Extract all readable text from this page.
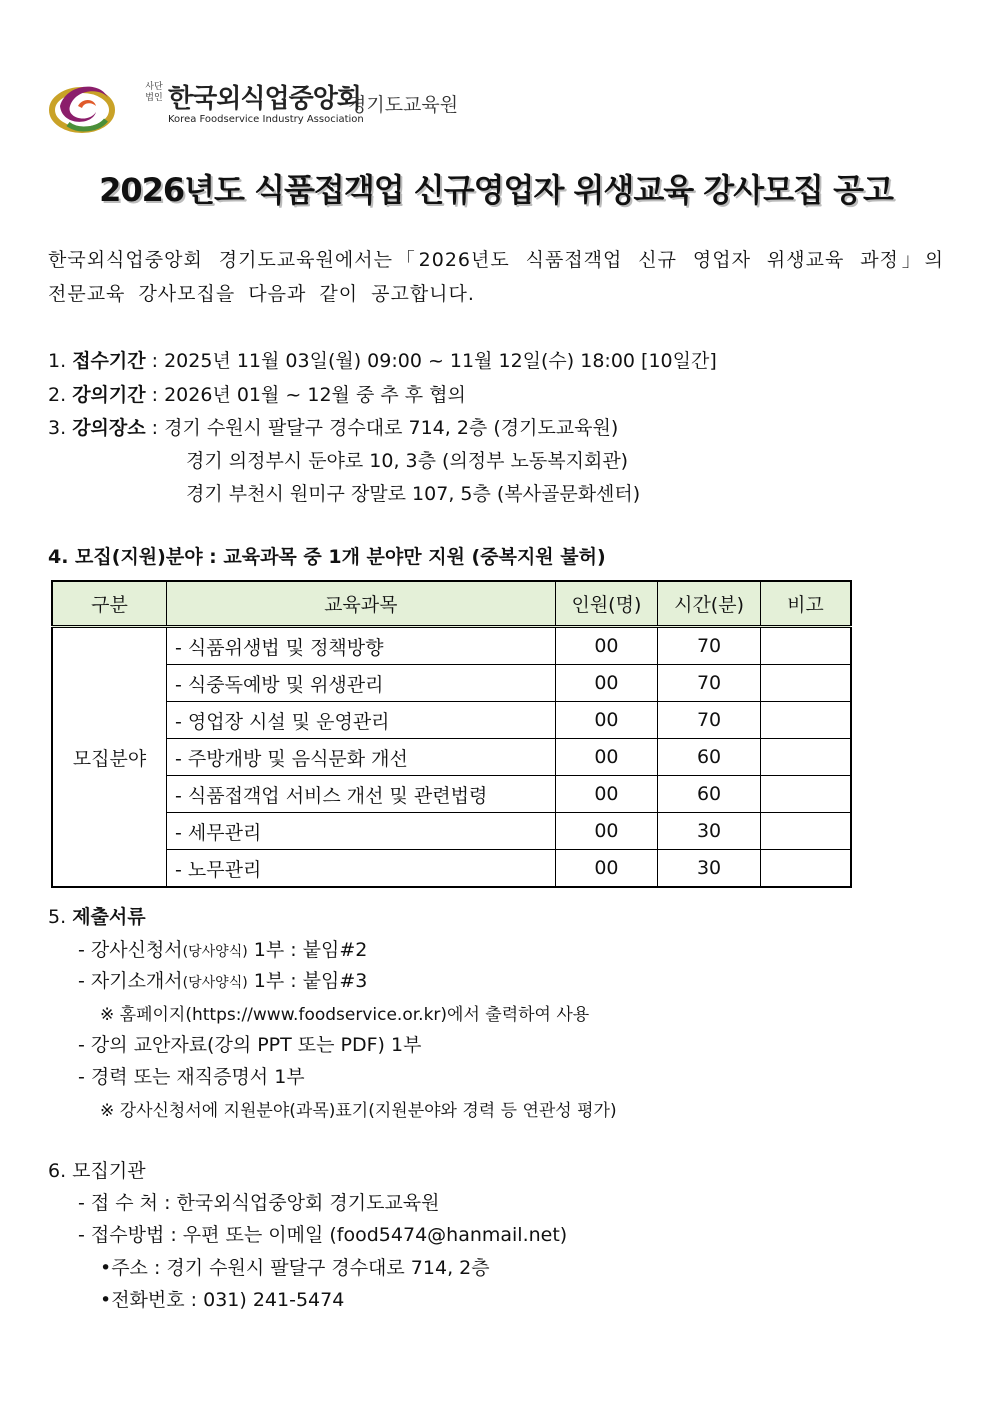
사단
법인 한국외식업중앙회
Korea Foodservice Industry Association
경기도교육원
2026년도 식품접객업 신규영업자 위생교육 강사모집 공고
한국외식업중앙회 경기도교육원에서는「2026년도 식품접객업 신규 영업자 위생교육 과정」의 전문교육 강사모집을 다음과 같이 공고합니다.
1. 접수기간 : 2025년 11월 03일(월) 09:00 ~ 11월 12일(수) 18:00 [10일간]
2. 강의기간 : 2026년 01월 ~ 12월 중 추 후 협의
3. 강의장소 : 경기 수원시 팔달구 경수대로 714, 2층 (경기도교육원)
경기 의정부시 둔야로 10, 3층 (의정부 노동복지회관)
경기 부천시 원미구 장말로 107, 5층 (복사골문화센터)
4. 모집(지원)분야 : 교육과목 중 1개 분야만 지원 (중복지원 불허)
구분	교육과목	인원(명)	시간(분)	비고
모집분야	- 식품위생법 및 정책방향	00	70	
	- 식중독예방 및 위생관리	00	70	
	- 영업장 시설 및 운영관리	00	70	
	- 주방개방 및 음식문화 개선	00	60	
	- 식품접객업 서비스 개선 및 관련법령	00	60	
	- 세무관리	00	30	
	- 노무관리	00	30	
5. 제출서류
- 강사신청서(당사양식) 1부 : 붙임#2
- 자기소개서(당사양식) 1부 : 붙임#3
※ 홈페이지(https://www.foodservice.or.kr)에서 출력하여 사용
- 강의 교안자료(강의 PPT 또는 PDF) 1부
- 경력 또는 재직증명서 1부
※ 강사신청서에 지원분야(과목)표기(지원분야와 경력 등 연관성 평가)
6. 모집기관
- 접 수 처 : 한국외식업중앙회 경기도교육원
- 접수방법 : 우편 또는 이메일 (food5474@hanmail.net)
•주소 : 경기 수원시 팔달구 경수대로 714, 2층
•전화번호 : 031) 241-5474
